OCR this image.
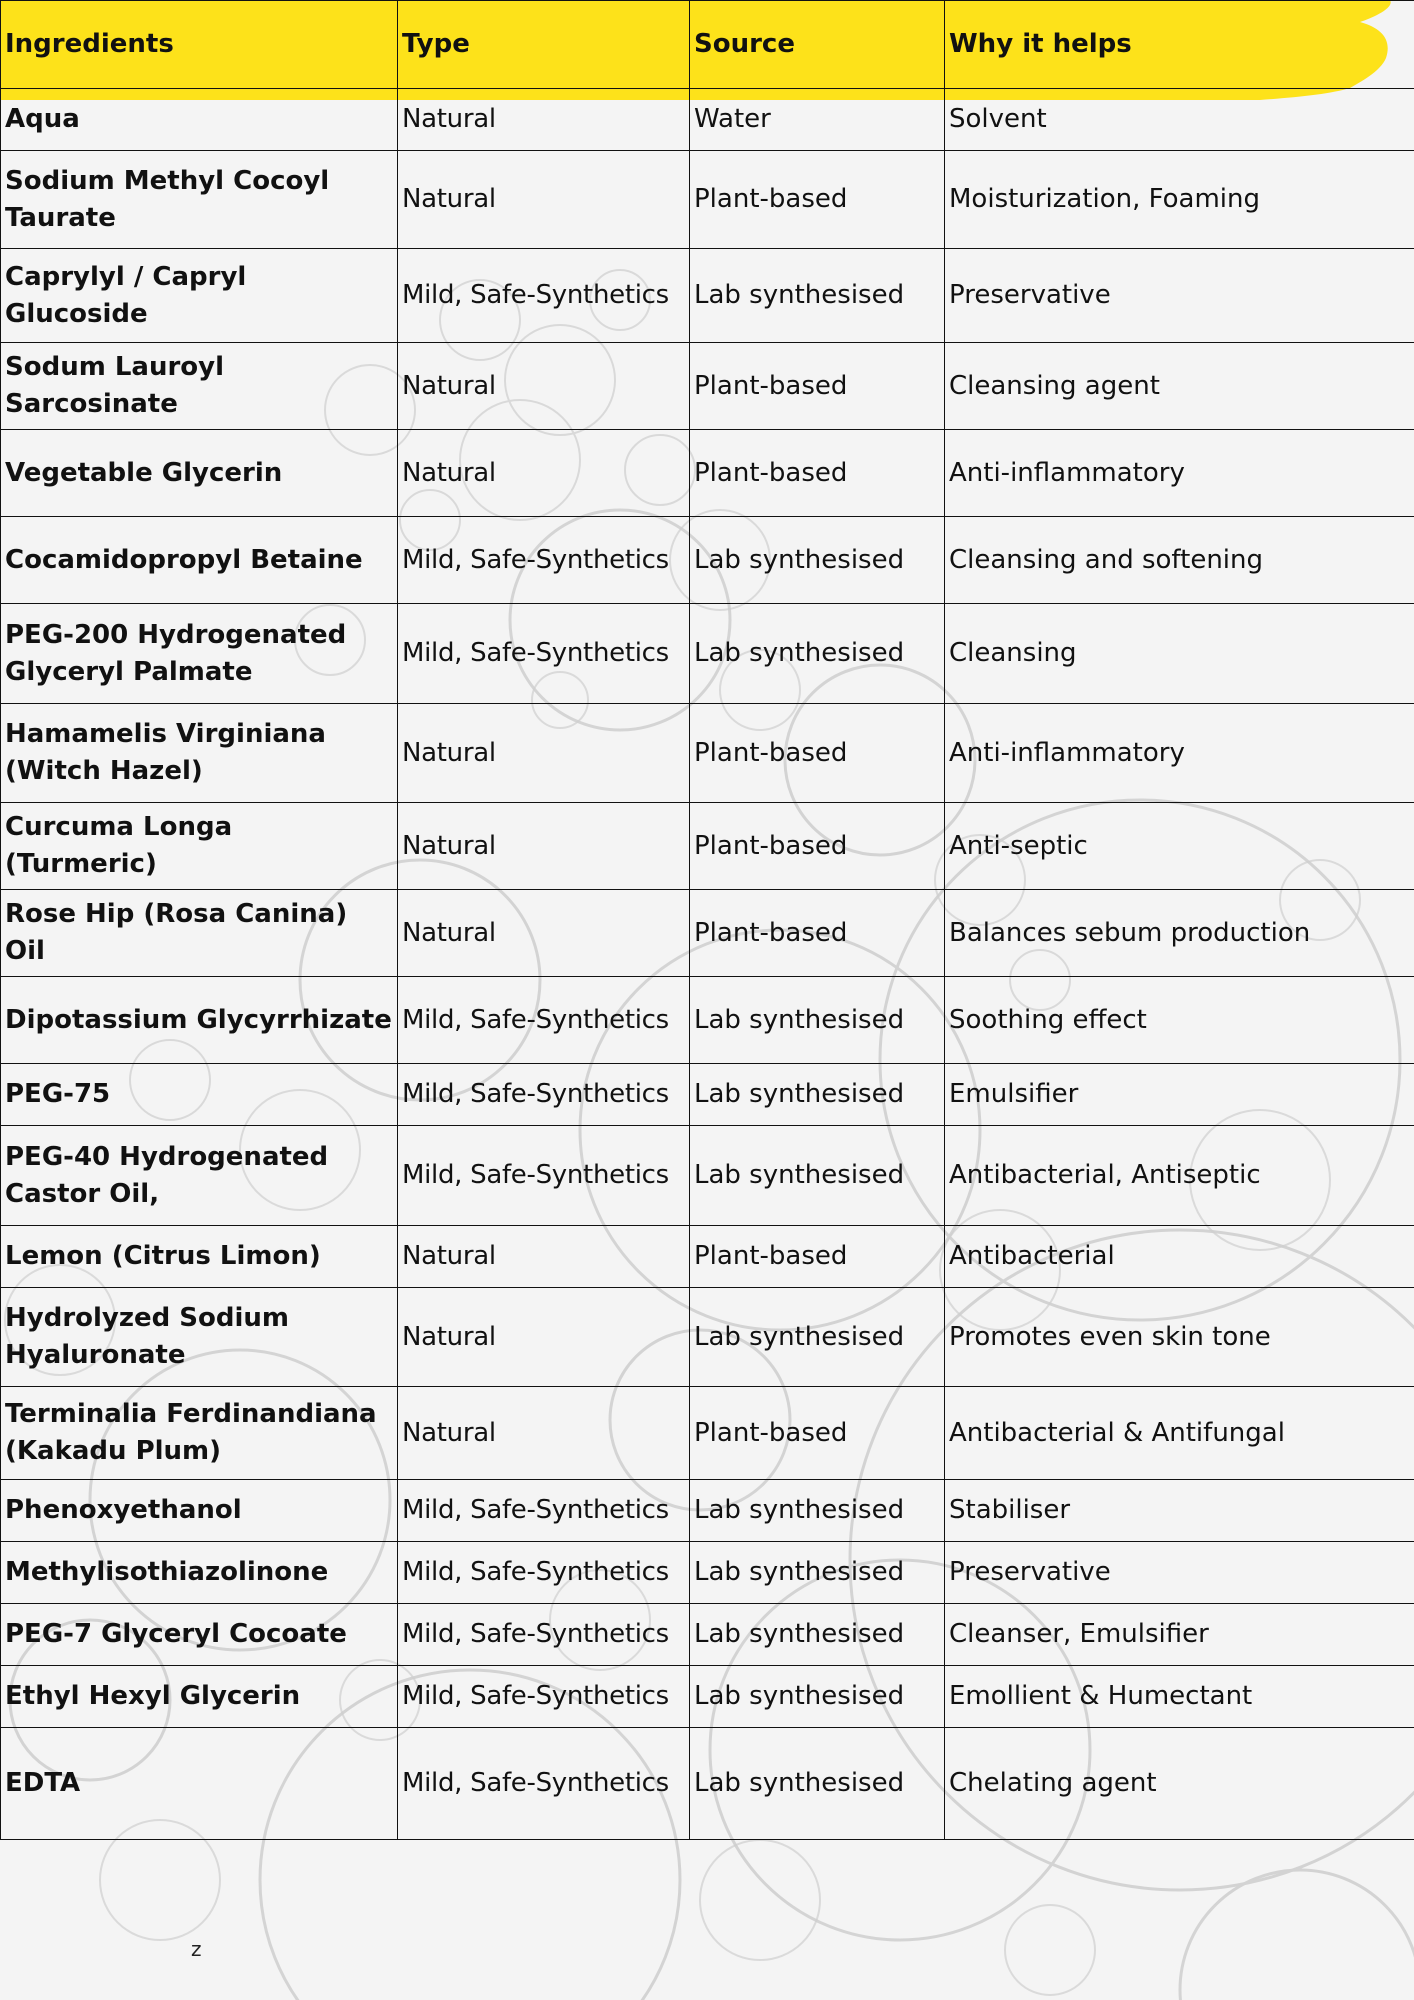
Ingredients	Type	Source	Why it helps
Aqua	Natural	Water	Solvent
Sodium Methyl Cocoyl Taurate	Natural	Plant-based	Moisturization, Foaming
Caprylyl / Capryl Glucoside	Mild, Safe-Synthetics	Lab synthesised	Preservative
Sodum Lauroyl Sarcosinate	Natural	Plant-based	Cleansing agent
Vegetable Glycerin	Natural	Plant-based	Anti-inflammatory
Cocamidopropyl Betaine	Mild, Safe-Synthetics	Lab synthesised	Cleansing and softening
PEG-200 Hydrogenated Glyceryl Palmate	Mild, Safe-Synthetics	Lab synthesised	Cleansing
Hamamelis Virginiana (Witch Hazel)	Natural	Plant-based	Anti-inflammatory
Curcuma Longa (Turmeric)	Natural	Plant-based	Anti-septic
Rose Hip (Rosa Canina) Oil	Natural	Plant-based	Balances sebum production
Dipotassium Glycyrrhizate	Mild, Safe-Synthetics	Lab synthesised	Soothing effect
PEG-75	Mild, Safe-Synthetics	Lab synthesised	Emulsifier
PEG-40 Hydrogenated Castor Oil,	Mild, Safe-Synthetics	Lab synthesised	Antibacterial, Antiseptic
Lemon (Citrus Limon)	Natural	Plant-based	Antibacterial
Hydrolyzed Sodium Hyaluronate	Natural	Lab synthesised	Promotes even skin tone
Terminalia Ferdinandiana (Kakadu Plum)	Natural	Plant-based	Antibacterial & Antifungal
Phenoxyethanol	Mild, Safe-Synthetics	Lab synthesised	Stabiliser
Methylisothiazolinone	Mild, Safe-Synthetics	Lab synthesised	Preservative
PEG-7 Glyceryl Cocoate	Mild, Safe-Synthetics	Lab synthesised	Cleanser, Emulsifier
Ethyl Hexyl Glycerin	Mild, Safe-Synthetics	Lab synthesised	Emollient & Humectant
EDTA	Mild, Safe-Synthetics	Lab synthesised	Chelating agent
z
